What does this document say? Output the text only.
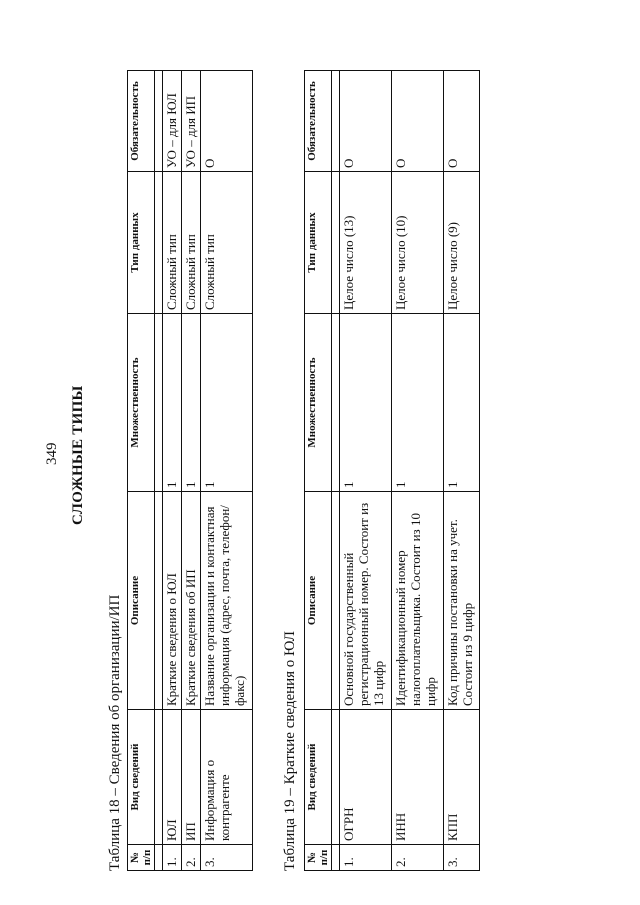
349 СЛОЖНЫЕ ТИПЫ
Таблица 18 – Сведения об организации/ИП № п/п	Вид сведений	Описание	Множественность	Тип данных	Обязательность

1.	ЮЛ	Краткие сведения о ЮЛ	1	Сложный тип	УО – для ЮЛ
2.	ИП	Краткие сведения об ИП	1	Сложный тип	УО – для ИП
3.	Информация о контрагенте	Название организации и контактная информация (адрес, почта, телефон/факс)	1	Сложный тип	О
Таблица 19 – Краткие сведения о ЮЛ № п/п	Вид сведений	Описание	Множественность	Тип данных	Обязательность

1.	ОГРН	Основной государственный регистрационный номер. Состоит из 13 цифр	1	Целое число (13)	О
2.	ИНН	Идентификационный номер налогоплательщика. Состоит из 10 цифр	1	Целое число (10)	О
3.	КПП	Код причины постановки на учет. Состоит из 9 цифр	1	Целое число (9)	О
